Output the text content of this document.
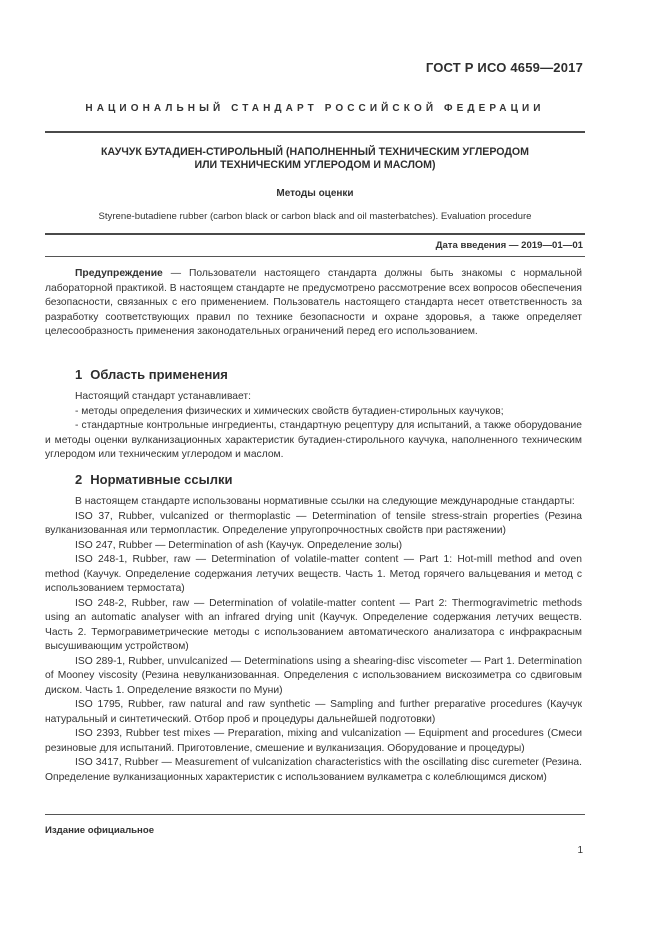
ГОСТ Р ИСО 4659—2017
НАЦИОНАЛЬНЫЙ СТАНДАРТ РОССИЙСКОЙ ФЕДЕРАЦИИ
КАУЧУК БУТАДИЕН-СТИРОЛЬНЫЙ (НАПОЛНЕННЫЙ ТЕХНИЧЕСКИМ УГЛЕРОДОМ
ИЛИ ТЕХНИЧЕСКИМ УГЛЕРОДОМ И МАСЛОМ)
Методы оценки
Styrene-butadiene rubber (carbon black or carbon black and oil masterbatches). Evaluation procedure
Дата введения — 2019—01—01
Предупреждение — Пользователи настоящего стандарта должны быть знакомы с нормальной лабораторной практикой. В настоящем стандарте не предусмотрено рассмотрение всех вопросов обеспечения безопасности, связанных с его применением. Пользователь настоящего стандарта несет ответственность за разработку соответствующих правил по технике безопасности и охране здоровья, а также определяет целесообразность применения законодательных ограничений перед его использованием.
1 Область применения

Настоящий стандарт устанавливает:

- методы определения физических и химических свойств бутадиен-стирольных каучуков;

- стандартные контрольные ингредиенты, стандартную рецептуру для испытаний, а также оборудование и методы оценки вулканизационных характеристик бутадиен-стирольного каучука, наполненного техническим углеродом или техническим углеродом и маслом.

2 Нормативные ссылки

В настоящем стандарте использованы нормативные ссылки на следующие международные стандарты:

ISO 37, Rubber, vulcanized or thermoplastic — Determination of tensile stress-strain properties (Резина вулканизованная или термопластик. Определение упругопрочностных свойств при растяжении)

ISO 247, Rubber — Determination of ash (Каучук. Определение золы)

ISO 248-1, Rubber, raw — Determination of volatile-matter content — Part 1: Hot-mill method and oven method (Каучук. Определение содержания летучих веществ. Часть 1. Метод горячего вальцевания и метод с использованием термостата)

ISO 248-2, Rubber, raw — Determination of volatile-matter content — Part 2: Thermogravimetric methods using an automatic analyser with an infrared drying unit (Каучук. Определение содержания летучих веществ. Часть 2. Термогравиметрические методы с использованием автоматического анализатора с инфракрасным высушивающим устройством)

ISO 289-1, Rubber, unvulcanized — Determinations using a shearing-disc viscometer — Part 1. Determination of Mooney viscosity (Резина невулканизованная. Определения с использованием вискозиметра со сдвиговым диском. Часть 1. Определение вязкости по Муни)

ISO 1795, Rubber, raw natural and raw synthetic — Sampling and further preparative procedures (Каучук натуральный и синтетический. Отбор проб и процедуры дальнейшей подготовки)

ISO 2393, Rubber test mixes — Preparation, mixing and vulcanization — Equipment and procedures (Смеси резиновые для испытаний. Приготовление, смешение и вулканизация. Оборудование и процедуры)

ISO 3417, Rubber — Measurement of vulcanization characteristics with the oscillating disc curemeter (Резина. Определение вулканизационных характеристик с использованием вулкаметра с колеблющимся диском)

Издание официальное
1
